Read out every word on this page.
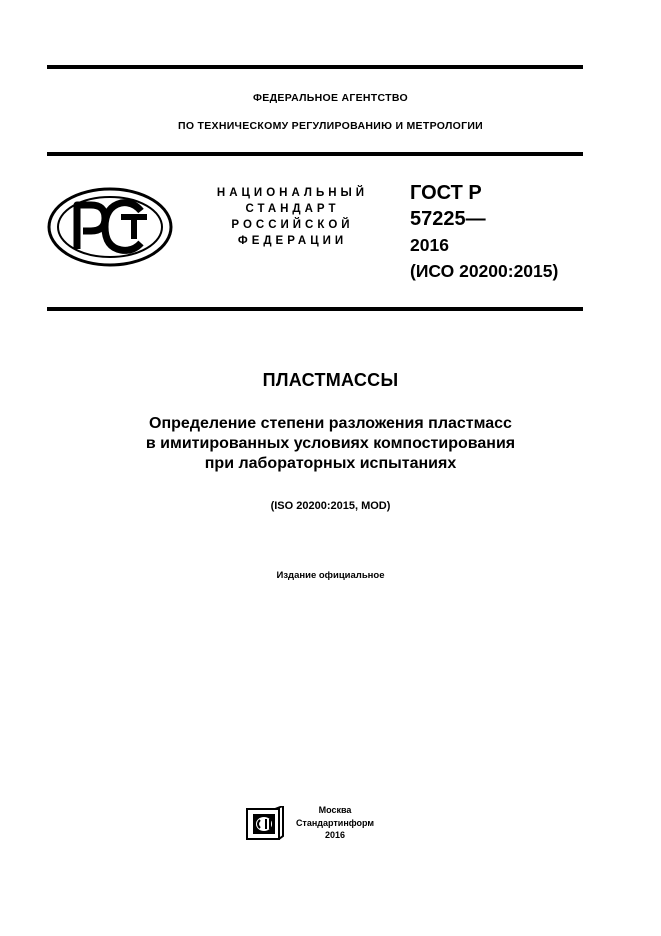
ФЕДЕРАЛЬНОЕ АГЕНТСТВО
ПО ТЕХНИЧЕСКОМУ РЕГУЛИРОВАНИЮ И МЕТРОЛОГИИ
НАЦИОНАЛЬНЫЙ
СТАНДАРТ
РОССИЙСКОЙ
ФЕДЕРАЦИИ
ГОСТ Р
57225—
2016
(ИСО 20200:2015)
ПЛАСТМАССЫ
Определение степени разложения пластмасс
в имитированных условиях компостирования
при лабораторных испытаниях
(ISO 20200:2015, MOD)
Издание официальное
Москва
Стандартинформ
2016
